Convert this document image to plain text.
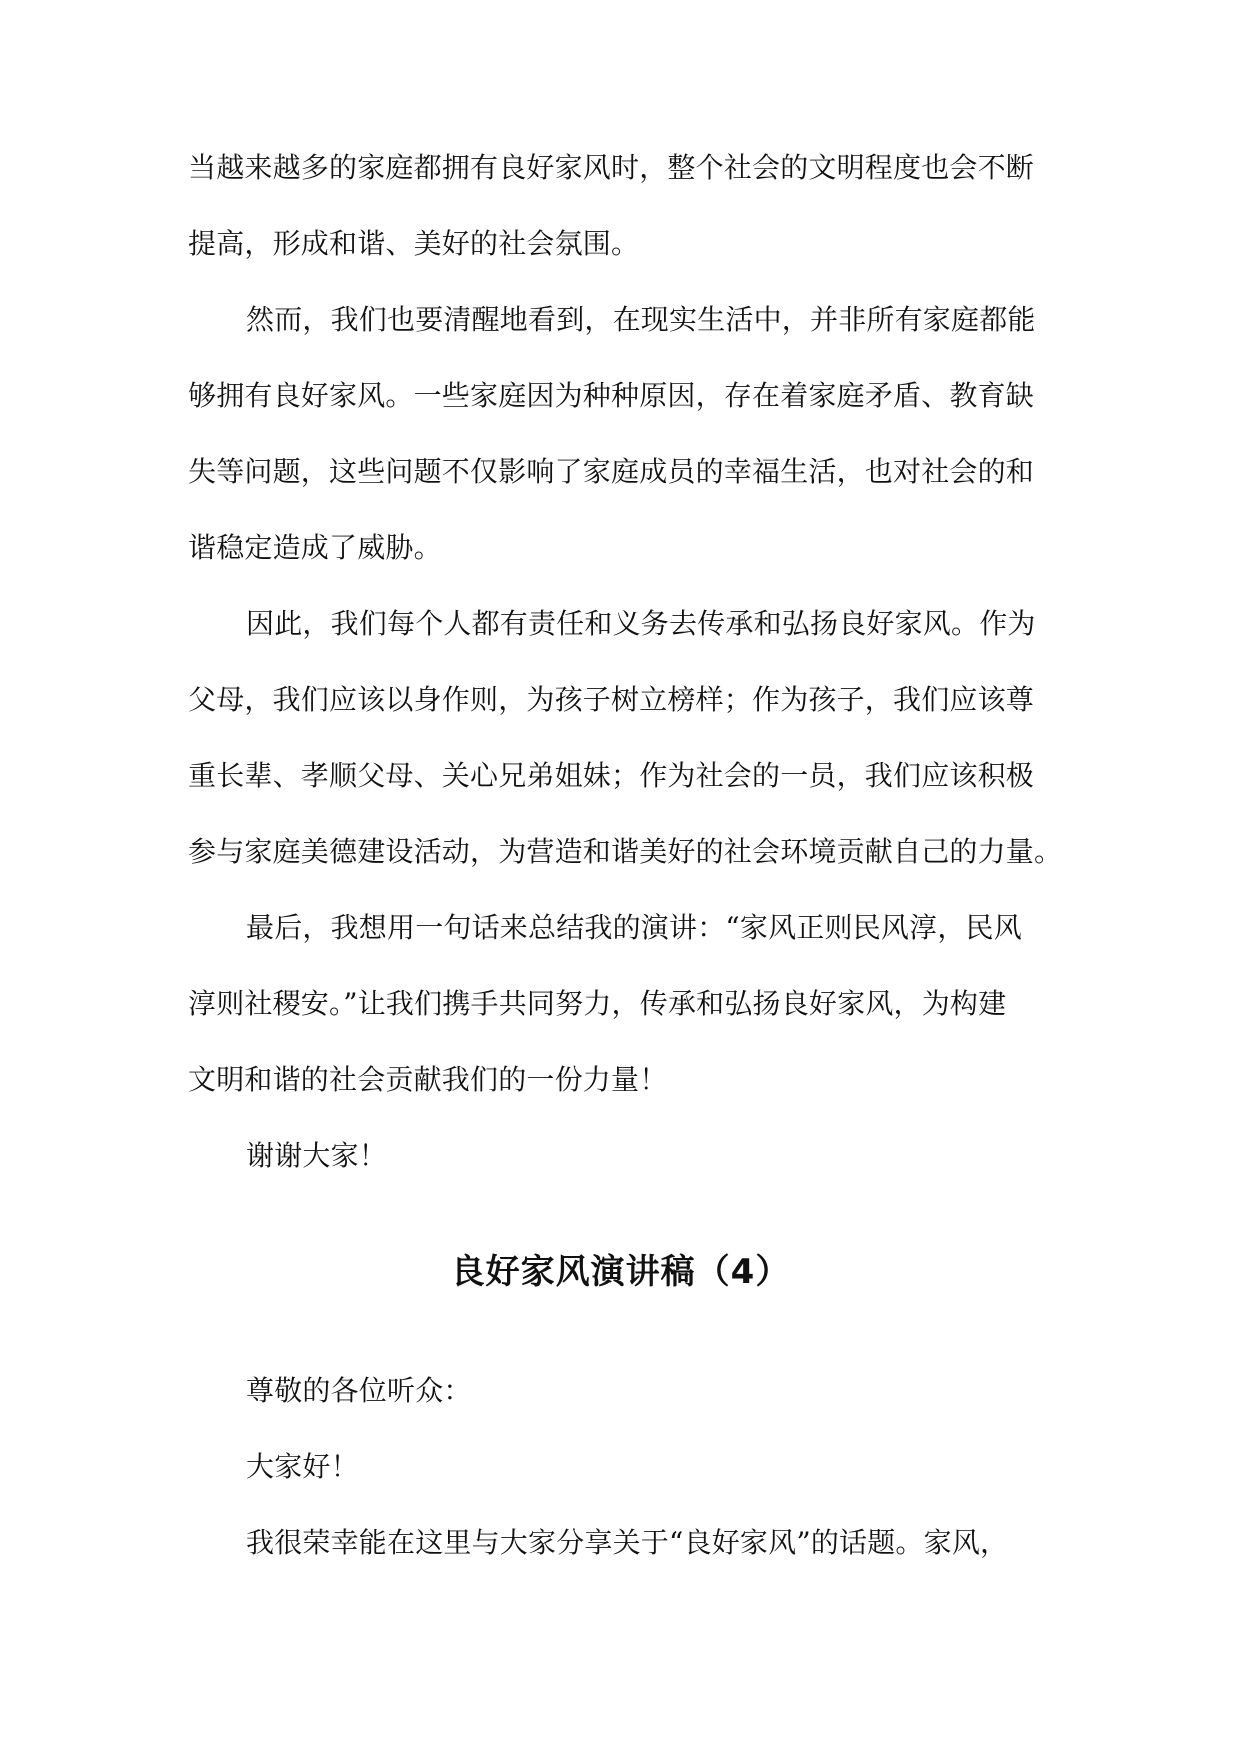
当越来越多的家庭都拥有良好家风时，整个社会的文明程度也会不断
提高，形成和谐、美好的社会氛围。
然而，我们也要清醒地看到，在现实生活中，并非所有家庭都能
够拥有良好家风。一些家庭因为种种原因，存在着家庭矛盾、教育缺
失等问题，这些问题不仅影响了家庭成员的幸福生活，也对社会的和
谐稳定造成了威胁。
因此，我们每个人都有责任和义务去传承和弘扬良好家风。作为
父母，我们应该以身作则，为孩子树立榜样；作为孩子，我们应该尊
重长辈、孝顺父母、关心兄弟姐妹；作为社会的一员，我们应该积极
参与家庭美德建设活动，为营造和谐美好的社会环境贡献自己的力量。
最后，我想用一句话来总结我的演讲：“家风正则民风淳，民风
淳则社稷安。”让我们携手共同努力，传承和弘扬良好家风，为构建
文明和谐的社会贡献我们的一份力量！
谢谢大家！
良好家风演讲稿（4）
尊敬的各位听众：
大家好！
我很荣幸能在这里与大家分享关于“良好家风”的话题。家风，
